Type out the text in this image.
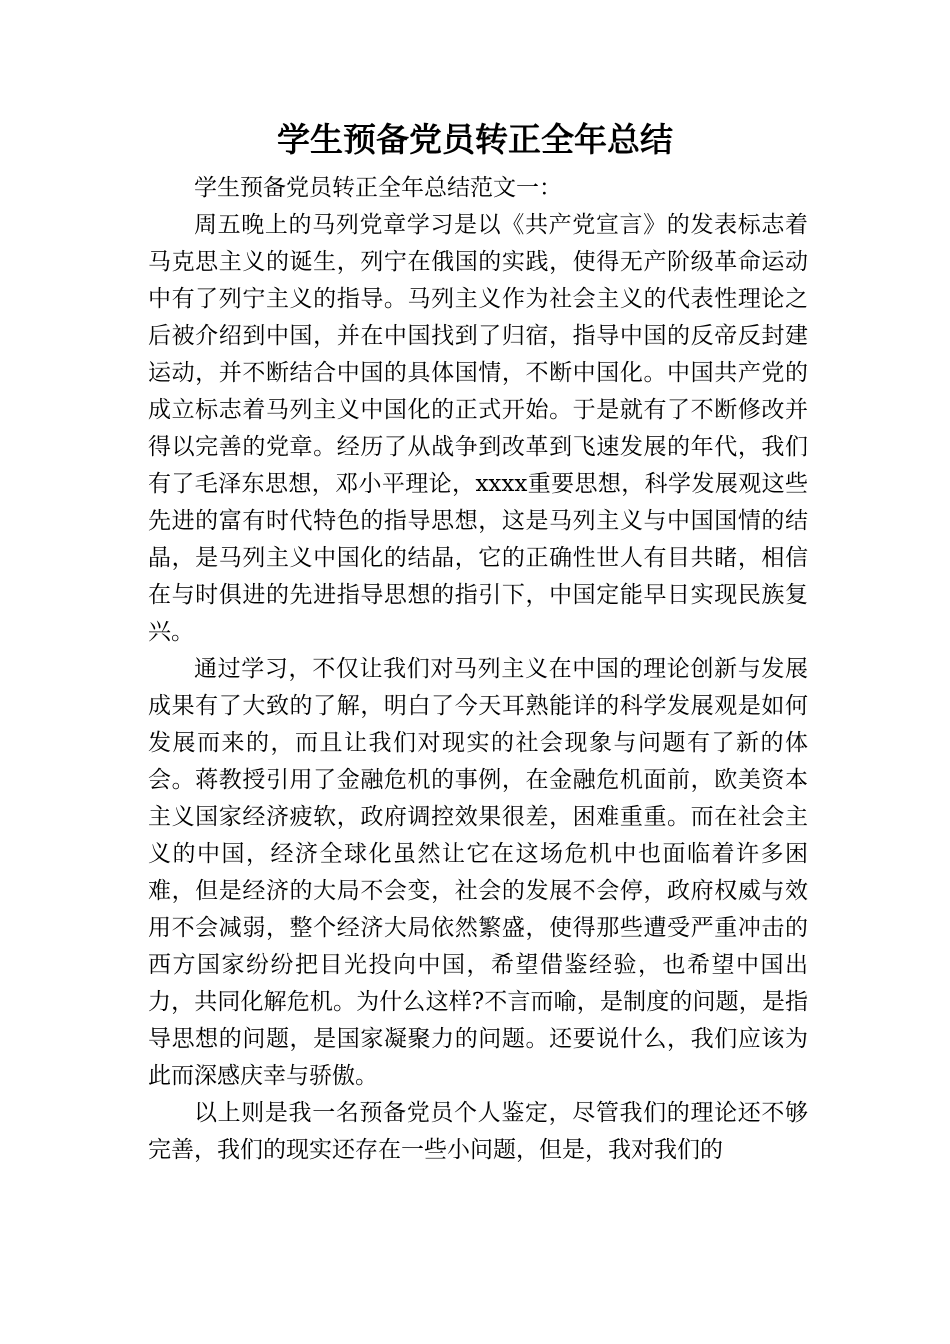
学生预备党员转正全年总结

学生预备党员转正全年总结范文一：

周五晚上的马列党章学习是以《共产党宣言》的发表标志着马克思主义的诞生，列宁在俄国的实践，使得无产阶级革命运动中有了列宁主义的指导。马列主义作为社会主义的代表性理论之后被介绍到中国，并在中国找到了归宿，指导中国的反帝反封建运动，并不断结合中国的具体国情，不断中国化。中国共产党的成立标志着马列主义中国化的正式开始。于是就有了不断修改并得以完善的党章。经历了从战争到改革到飞速发展的年代，我们有了毛泽东思想，邓小平理论，xxxx重要思想，科学发展观这些先进的富有时代特色的指导思想，这是马列主义与中国国情的结晶，是马列主义中国化的结晶，它的正确性世人有目共睹，相信在与时俱进的先进指导思想的指引下，中国定能早日实现民族复兴。

通过学习，不仅让我们对马列主义在中国的理论创新与发展成果有了大致的了解，明白了今天耳熟能详的科学发展观是如何发展而来的，而且让我们对现实的社会现象与问题有了新的体会。蒋教授引用了金融危机的事例，在金融危机面前，欧美资本主义国家经济疲软，政府调控效果很差，困难重重。而在社会主义的中国，经济全球化虽然让它在这场危机中也面临着许多困难，但是经济的大局不会变，社会的发展不会停，政府权威与效用不会减弱，整个经济大局依然繁盛，使得那些遭受严重冲击的西方国家纷纷把目光投向中国，希望借鉴经验，也希望中国出力，共同化解危机。为什么这样?不言而喻，是制度的问题，是指导思想的问题，是国家凝聚力的问题。还要说什么，我们应该为此而深感庆幸与骄傲。

以上则是我一名预备党员个人鉴定，尽管我们的理论还不够完善，我们的现实还存在一些小问题，但是，我对我们的
